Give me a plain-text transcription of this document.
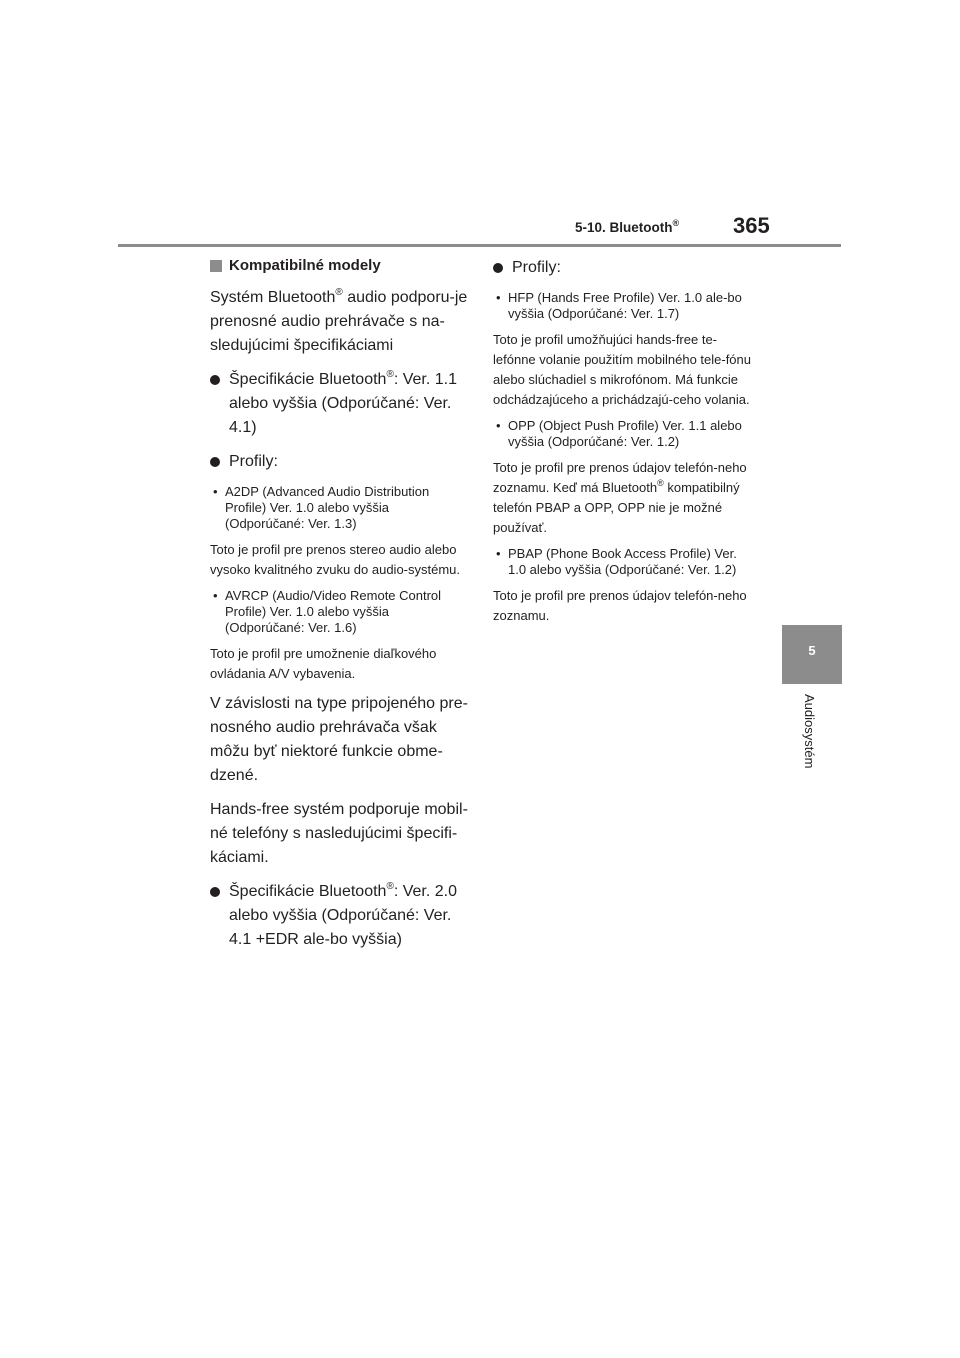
5-10. Bluetooth® 365
5
Audiosystém

Kompatibilné modely

Systém Bluetooth® audio podporu-je prenosné audio prehrávače s na-sledujúcimi špecifikáciami

Špecifikácie Bluetooth®: Ver. 1.1 alebo vyššia (Odporúčané: Ver. 4.1)

Profily:

• A2DP (Advanced Audio Distribution Profile) Ver. 1.0 alebo vyššia (Odporúčané: Ver. 1.3)

Toto je profil pre prenos stereo audio alebo vysoko kvalitného zvuku do audio-systému.

• AVRCP (Audio/Video Remote Control Profile) Ver. 1.0 alebo vyššia (Odporúčané: Ver. 1.6)

Toto je profil pre umožnenie diaľkového ovládania A/V vybavenia.

V závislosti na type pripojeného pre-nosného audio prehrávača však môžu byť niektoré funkcie obme-dzené.

Hands-free systém podporuje mobil-né telefóny s nasledujúcimi špecifi-káciami.

Špecifikácie Bluetooth®: Ver. 2.0 alebo vyššia (Odporúčané: Ver. 4.1 +EDR ale-bo vyššia)

Profily:

• HFP (Hands Free Profile) Ver. 1.0 ale-bo vyššia (Odporúčané: Ver. 1.7)

Toto je profil umožňujúci hands-free te-lefónne volanie použitím mobilného tele-fónu alebo slúchadiel s mikrofónom. Má funkcie odchádzajúceho a prichádzajú-ceho volania.

• OPP (Object Push Profile) Ver. 1.1 alebo vyššia (Odporúčané: Ver. 1.2)

Toto je profil pre prenos údajov telefón-neho zoznamu. Keď má Bluetooth® kompatibilný telefón PBAP a OPP, OPP nie je možné používať.

• PBAP (Phone Book Access Profile) Ver. 1.0 alebo vyššia (Odporúčané: Ver. 1.2)

Toto je profil pre prenos údajov telefón-neho zoznamu.
